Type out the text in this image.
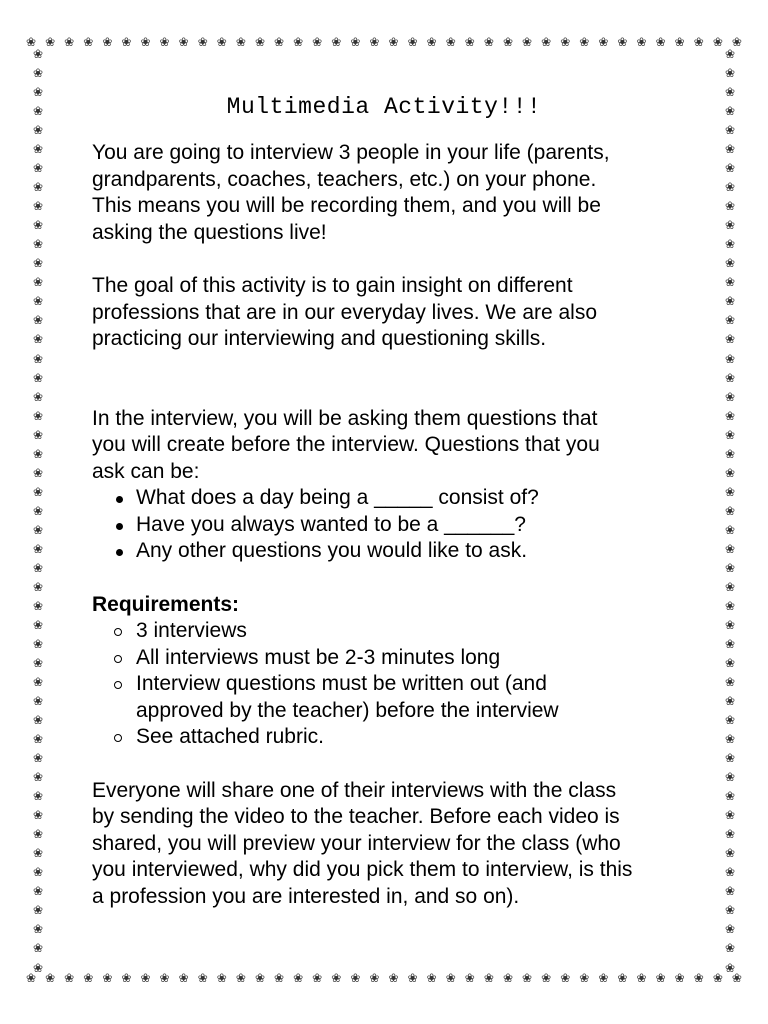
❀ ❀ ❀ ❀ ❀ ❀ ❀ ❀ ❀ ❀ ❀ ❀ ❀ ❀ ❀ ❀ ❀ ❀ ❀ ❀ ❀ ❀ ❀ ❀ ❀ ❀ ❀ ❀ ❀ ❀ ❀ ❀ ❀ ❀ ❀ ❀ ❀ ❀
❀ ❀ ❀ ❀ ❀ ❀ ❀ ❀ ❀ ❀ ❀ ❀ ❀ ❀ ❀ ❀ ❀ ❀ ❀ ❀ ❀ ❀ ❀ ❀ ❀ ❀ ❀ ❀ ❀ ❀ ❀ ❀ ❀ ❀ ❀ ❀ ❀ ❀
❀
❀
❀
❀
❀
❀
❀
❀
❀
❀
❀
❀
❀
❀
❀
❀
❀
❀
❀
❀
❀
❀
❀
❀
❀
❀
❀
❀
❀
❀
❀
❀
❀
❀
❀
❀
❀
❀
❀
❀
❀
❀
❀
❀
❀
❀
❀
❀
❀
❀
❀
❀
❀
❀
❀
❀
❀
❀
❀
❀
❀
❀
❀
❀
❀
❀
❀
❀
❀
❀
❀
❀
❀
❀
❀
❀
❀
❀
❀
❀
❀
❀
❀
❀
❀
❀
❀
❀
❀
❀
❀
❀
❀
❀
❀
❀
❀
❀
Multimedia Activity!!!

You are going to interview 3 people in your life (parents,

grandparents, coaches, teachers, etc.) on your phone.

This means you will be recording them, and you will be

asking the questions live!

The goal of this activity is to gain insight on different

professions that are in our everyday lives. We are also

practicing our interviewing and questioning skills.

In the interview, you will be asking them questions that

you will create before the interview. Questions that you

ask can be:

What does a day being a _____ consist of?
Have you always wanted to be a ______?
Any other questions you would like to ask.

Requirements:

3 interviews
All interviews must be 2-3 minutes long
Interview questions must be written out (and
approved by the teacher) before the interview
See attached rubric.

Everyone will share one of their interviews with the class

by sending the video to the teacher. Before each video is

shared, you will preview your interview for the class (who

you interviewed, why did you pick them to interview, is this

a profession you are interested in, and so on).
